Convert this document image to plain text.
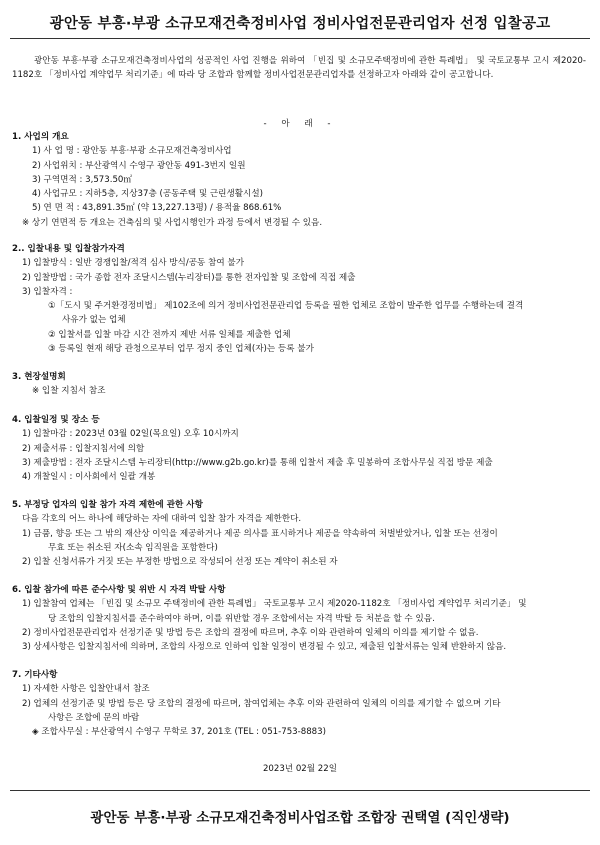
광안동 부흥·부광 소규모재건축정비사업 정비사업전문관리업자 선정 입찰공고
광안동 부흥·부광 소규모재건축정비사업의 성공적인 사업 진행을 위하여 「빈집 및 소규모주택정비에 관한 특례법」 및 국토교통부 고시 제2020-1182호 「정비사업 계약업무 처리기준」에 따라 당 조합과 함께할 정비사업전문관리업자를 선정하고자 아래와 같이 공고합니다.
- 아 래 -
1. 사업의 개요
1) 사 업 명 : 광안동 부흥·부광 소규모재건축정비사업
2) 사업위치 : 부산광역시 수영구 광안동 491-3번지 일원
3) 구역면적 : 3,573.50㎡
4) 사업규모 : 지하5층, 지상37층 (공동주택 및 근린생활시설)
5) 연 면 적 : 43,891.35㎡ (약 13,227.13평) / 용적율 868.61%
※ 상기 연면적 등 개요는 건축심의 및 사업시행인가 과정 등에서 변경될 수 있음.
2.. 입찰내용 및 입찰참가자격
1) 입찰방식 : 일반 경쟁입찰/적격 심사 방식/공동 참여 불가
2) 입찰방법 : 국가 종합 전자 조달시스템(누리장터)를 통한 전자입찰 및 조합에 직접 제출
3) 입찰자격 :
①「도시 및 주거환경정비법」 제102조에 의거 정비사업전문관리업 등록을 필한 업체로 조합이 발주한 업무를 수행하는데 결격
사유가 없는 업체
② 입찰서를 입찰 마감 시간 전까지 제반 서류 일체를 제출한 업체
③ 등록일 현재 해당 관청으로부터 업무 정지 중인 업체(자)는 등록 불가
3. 현장설명회
※ 입찰 지침서 참조
4. 입찰일정 및 장소 등
1) 입찰마감 : 2023년 03월 02일(목요일) 오후 10시까지
2) 제출서류 : 입찰지침서에 의함
3) 제출방법 : 전자 조달시스템 누리장터(http://www.g2b.go.kr)를 통해 입찰서 제출 후 밀봉하여 조합사무실 직접 방문 제출
4) 개찰일시 : 이사회에서 일괄 개봉
5. 부정당 업자의 입찰 참가 자격 제한에 관한 사항
다음 각호의 어느 하나에 해당하는 자에 대하여 입찰 참가 자격을 제한한다.
1) 금품, 향응 또는 그 밖의 재산상 이익을 제공하거나 제공 의사를 표시하거나 제공을 약속하여 처벌받았거나, 입찰 또는 선정이
무효 또는 취소된 자(소속 임직원을 포함한다)
2) 입찰 신청서류가 거짓 또는 부정한 방법으로 작성되어 선정 또는 계약이 취소된 자
6. 입찰 참가에 따른 준수사항 및 위반 시 자격 박탈 사항
1) 입찰참여 업체는 「빈집 및 소규모 주택정비에 관한 특례법」 국토교통부 고시 제2020-1182호 「정비사업 계약업무 처리기준」 및
당 조합의 입찰지침서를 준수하여야 하며, 이를 위반할 경우 조합에서는 자격 박탈 등 처분을 할 수 있음.
2) 정비사업전문관리업자 선정기준 및 방법 등은 조합의 결정에 따르며, 추후 이와 관련하여 일체의 이의를 제기할 수 없음.
3) 상세사항은 입찰지침서에 의하며, 조합의 사정으로 인하여 입찰 일정이 변경될 수 있고, 제출된 입찰서류는 일체 반환하지 않음.
7. 기타사항
1) 자세한 사항은 입찰안내서 참조
2) 업체의 선정기준 및 방법 등은 당 조합의 결정에 따르며, 참여업체는 추후 이와 관련하여 일체의 이의를 제기할 수 없으며 기타
사항은 조합에 문의 바람
◈ 조합사무실 : 부산광역시 수영구 무학로 37, 201호 (TEL : 051-753-8883)
2023년 02월 22일
광안동 부흥·부광 소규모재건축정비사업조합 조합장 권택열 (직인생략)
